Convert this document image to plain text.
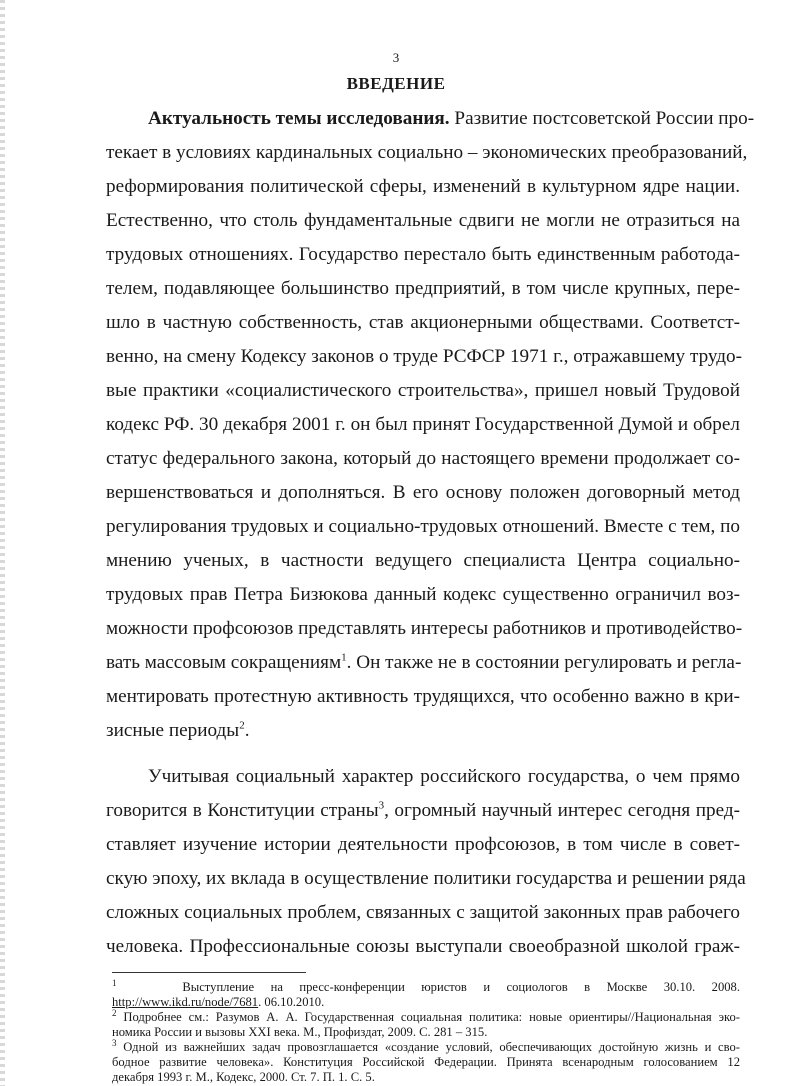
3
ВВЕДЕНИЕ
Актуальность темы исследования. Развитие постсоветской России про-
текает в условиях кардинальных социально – экономических преобразований,
реформирования политической сферы, изменений в культурном ядре нации.
Естественно, что столь фундаментальные сдвиги не могли не отразиться на
трудовых отношениях. Государство перестало быть единственным работода-
телем, подавляющее большинство предприятий, в том числе крупных, пере-
шло в частную собственность, став акционерными обществами. Соответст-
венно, на смену Кодексу законов о труде РСФСР 1971 г., отражавшему трудо-
вые практики «социалистического строительства», пришел новый Трудовой
кодекс РФ. 30 декабря 2001 г. он был принят Государственной Думой и обрел
статус федерального закона, который до настоящего времени продолжает со-
вершенствоваться и дополняться. В его основу положен договорный метод
регулирования трудовых и социально-трудовых отношений. Вместе с тем, по
мнению ученых, в частности ведущего специалиста Центра социально-
трудовых прав Петра Бизюкова данный кодекс существенно ограничил воз-
можности профсоюзов представлять интересы работников и противодейство-
вать массовым сокращениям$^1$. Он также не в состоянии регулировать и регла-
ментировать протестную активность трудящихся, что особенно важно в кри-
зисные периоды$^2$.
Учитывая социальный характер российского государства, о чем прямо
говорится в Конституции страны$^3$, огромный научный интерес сегодня пред-
ставляет изучение истории деятельности профсоюзов, в том числе в совет-
скую эпоху, их вклада в осуществление политики государства и решении ряда
сложных социальных проблем, связанных с защитой законных прав рабочего
человека. Профессиональные союзы выступали своеобразной школой граж-
$^1$	Выступление на пресс-конференции юристов и социологов в Москве 30.10. 2008.
http://www.ikd.ru/node/7681. 06.10.2010.
$^2$ Подробнее см.: Разумов А. А. Государственная социальная политика: новые ориентиры//Национальная эко-
номика России и вызовы XXI века. М., Профиздат, 2009. С. 281 – 315.
$^3$ Одной из важнейших задач провозглашается «создание условий, обеспечивающих достойную жизнь и сво-
бодное развитие человека». Конституция Российской Федерации. Принята всенародным голосованием 12
декабря 1993 г. М., Кодекс, 2000. Ст. 7. П. 1. С. 5.
